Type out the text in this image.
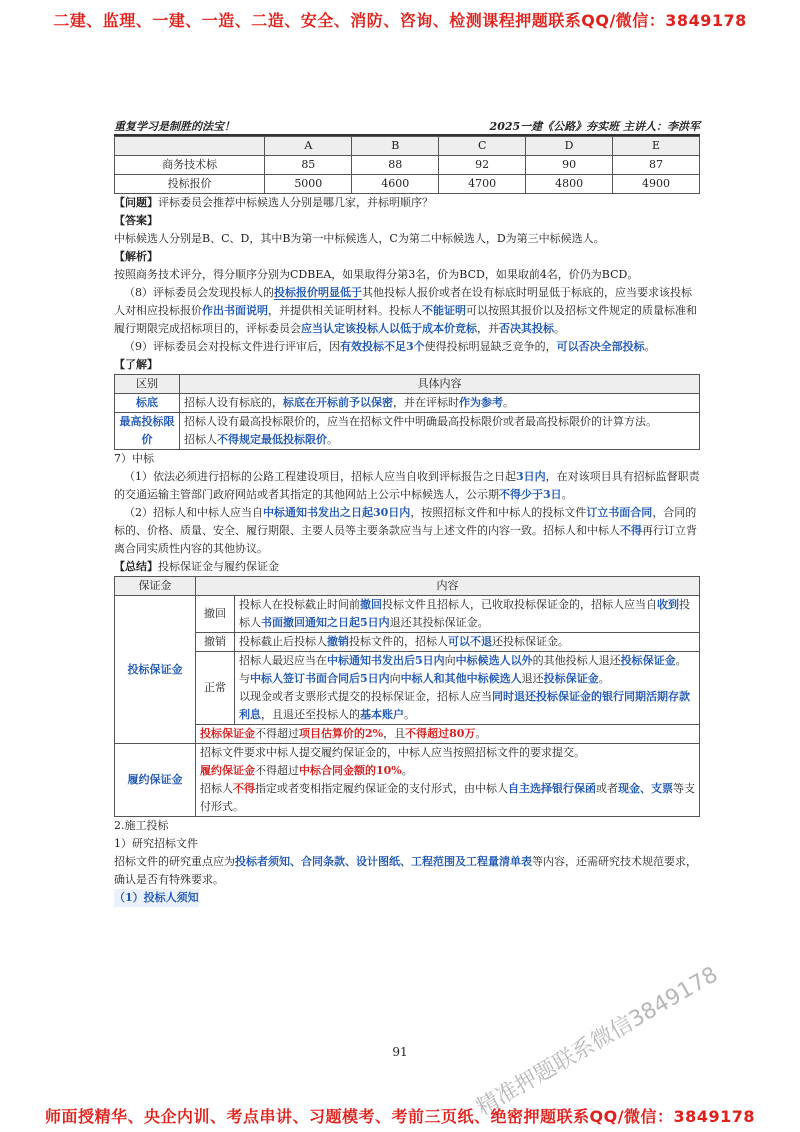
二建、监理、一建、一造、二造、安全、消防、咨询、检测课程押题联系QQ/微信：3849178
重复学习是制胜的法宝！	2025一建《公路》夯实班 主讲人：李洪军
	A	B	C	D	E
商务技术标	85	88	92	90	87
投标报价	5000	4600	4700	4800	4900

【问题】评标委员会推荐中标候选人分别是哪几家，并标明顺序？

【答案】

中标候选人分别是B、C、D，其中B为第一中标候选人，C为第二中标候选人，D为第三中标候选人。

【解析】

按照商务技术评分，得分顺序分别为CDBEA，如果取得分第3名，价为BCD，如果取前4名，价仍为BCD。

（8）评标委员会发现投标人的投标报价明显低于其他投标人报价或者在设有标底时明显低于标底的，应当要求该投标人对相应投标报价作出书面说明，并提供相关证明材料。投标人不能证明可以按照其报价以及招标文件规定的质量标准和履行期限完成招标项目的，评标委员会应当认定该投标人以低于成本价竞标，并否决其投标。

（9）评标委员会对投标文件进行评审后，因有效投标不足3个使得投标明显缺乏竞争的，可以否决全部投标。

【了解】

区别	具体内容
标底	招标人设有标底的，标底在开标前予以保密，并在评标时作为参考。
最高投标限价	招标人设有最高投标限价的，应当在招标文件中明确最高投标限价或者最高投标限价的计算方法。
招标人不得规定最低投标限价。

7）中标

（1）依法必须进行招标的公路工程建设项目，招标人应当自收到评标报告之日起3日内，在对该项目具有招标监督职责的交通运输主管部门政府网站或者其指定的其他网站上公示中标候选人，公示期不得少于3日。

（2）招标人和中标人应当自中标通知书发出之日起30日内，按照招标文件和中标人的投标文件订立书面合同，合同的标的、价格、质量、安全、履行期限、主要人员等主要条款应当与上述文件的内容一致。招标人和中标人不得再行订立背离合同实质性内容的其他协议。

【总结】投标保证金与履约保证金

保证金	内容	
投标保证金	撤回	投标人在投标截止时间前撤回投标文件且招标人，已收取投标保证金的，招标人应当自收到投标人书面撤回通知之日起5日内退还其投标保证金。
	撤销	投标截止后投标人撤销投标文件的，招标人可以不退还投标保证金。
	正常	招标人最迟应当在中标通知书发出后5日内向中标候选人以外的其他投标人退还投标保证金。
与中标人签订书面合同后5日内向中标人和其他中标候选人退还投标保证金。
以现金或者支票形式提交的投标保证金，招标人应当同时退还投标保证金的银行同期活期存款利息，且退还至投标人的基本账户。

	投标保证金不得超过项目估算价的2%，且不得超过80万。	
履约保证金	招标文件要求中标人提交履约保证金的，中标人应当按照招标文件的要求提交。
履约保证金不得超过中标合同金额的10%。
招标人不得指定或者变相指定履约保证金的支付形式，由中标人自主选择银行保函或者现金、支票等支付形式。	

2.施工投标

1）研究招标文件

招标文件的研究重点应为投标者须知、合同条款、设计图纸、工程范围及工程量清单表等内容，还需研究技术规范要求，确认是否有特殊要求。

（1）投标人须知

91	精准押题联系微信3849178
师面授精华、央企内训、考点串讲、习题模考、考前三页纸、绝密押题联系QQ/微信：3849178
